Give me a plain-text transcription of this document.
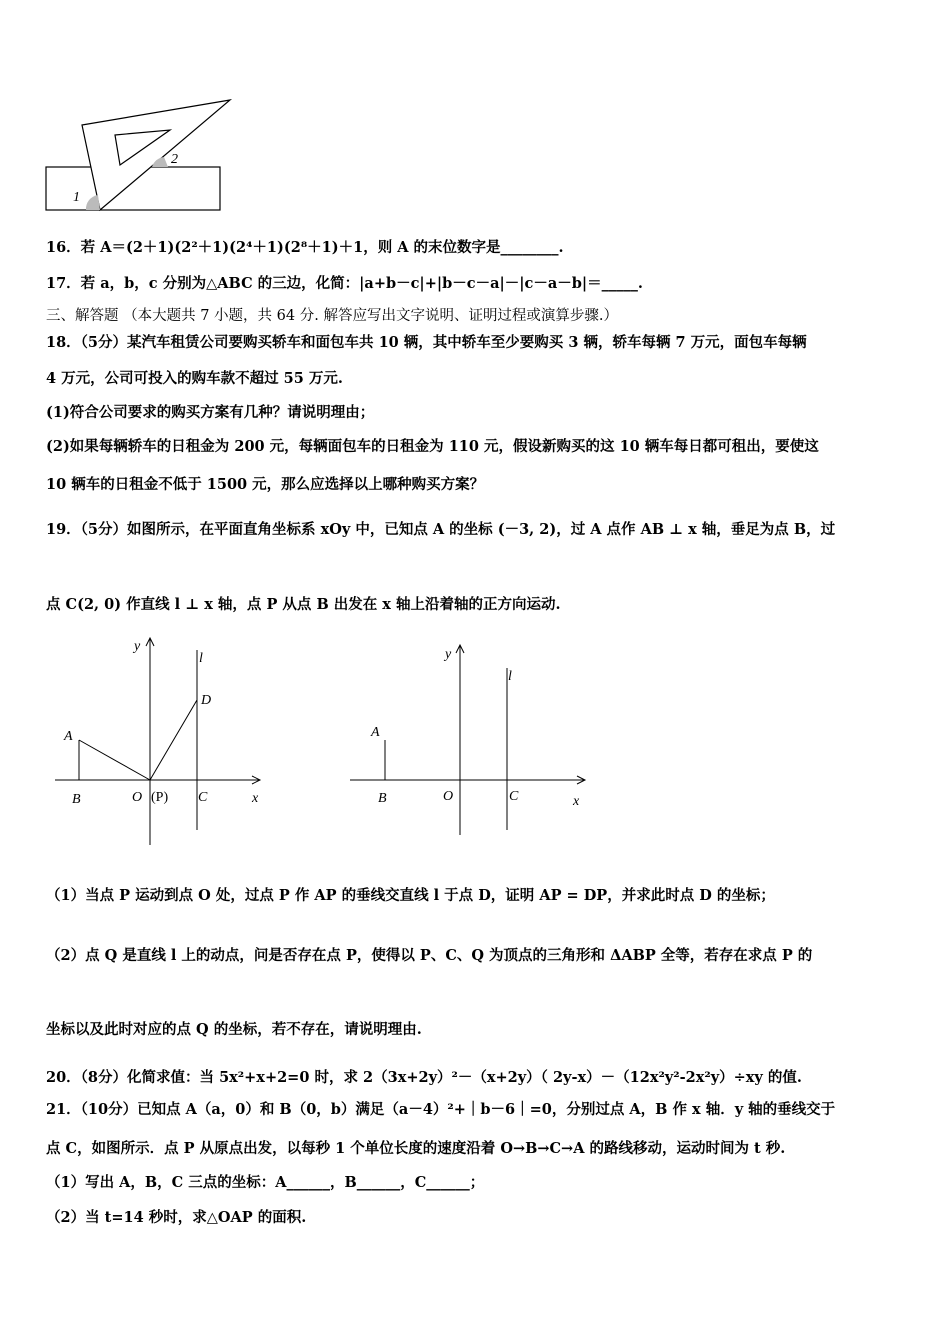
1
2
16．若 A＝(2＋1)(2²＋1)(2⁴＋1)(2⁸＋1)＋1，则 A 的末位数字是________.
17．若 a，b，c 分别为△ABC 的三边，化简：|a+b－c|+|b－c－a|－|c－a－b|＝_____.
三、解答题 （本大题共 7 小题，共 64 分. 解答应写出文字说明、证明过程或演算步骤.）
18．（5分）某汽车租赁公司要购买轿车和面包车共 10 辆，其中轿车至少要购买 3 辆，轿车每辆 7 万元，面包车每辆
4 万元，公司可投入的购车款不超过 55 万元.
(1)符合公司要求的购买方案有几种？请说明理由；
(2)如果每辆轿车的日租金为 200 元，每辆面包车的日租金为 110 元，假设新购买的这 10 辆车每日都可租出，要使这
10 辆车的日租金不低于 1500 元，那么应选择以上哪种购买方案？
19．（5分）如图所示，在平面直角坐标系 xOy 中，已知点 A 的坐标 (－3, 2)，过 A 点作 AB ⊥ x 轴，垂足为点 B，过
点 C(2, 0) 作直线 l ⊥ x 轴，点 P 从点 B 出发在 x 轴上沿着轴的正方向运动.
y
x
l
A
B	O (P) C
D
y
x
l
A
B	O	C
（1）当点 P 运动到点 O 处，过点 P 作 AP 的垂线交直线 l 于点 D，证明 AP = DP，并求此时点 D 的坐标；
（2）点 Q 是直线 l 上的动点，问是否存在点 P，使得以 P、C、Q 为顶点的三角形和 ΔABP 全等，若存在求点 P 的
坐标以及此时对应的点 Q 的坐标，若不存在，请说明理由.
20．（8分）化简求值：当 5x²+x+2=0 时，求 2（3x+2y）²－（x+2y）（ 2y-x）－（12x²y²-2x²y）÷xy 的值.
21．（10分）已知点 A（a，0）和 B（0，b）满足（a－4）²+｜b－6｜=0，分别过点 A，B 作 x 轴．y 轴的垂线交于
点 C，如图所示．点 P 从原点出发，以每秒 1 个单位长度的速度沿着 O→B→C→A 的路线移动，运动时间为 t 秒.
（1）写出 A，B，C 三点的坐标：A______，B______，C______；
（2）当 t=14 秒时，求△OAP 的面积.
